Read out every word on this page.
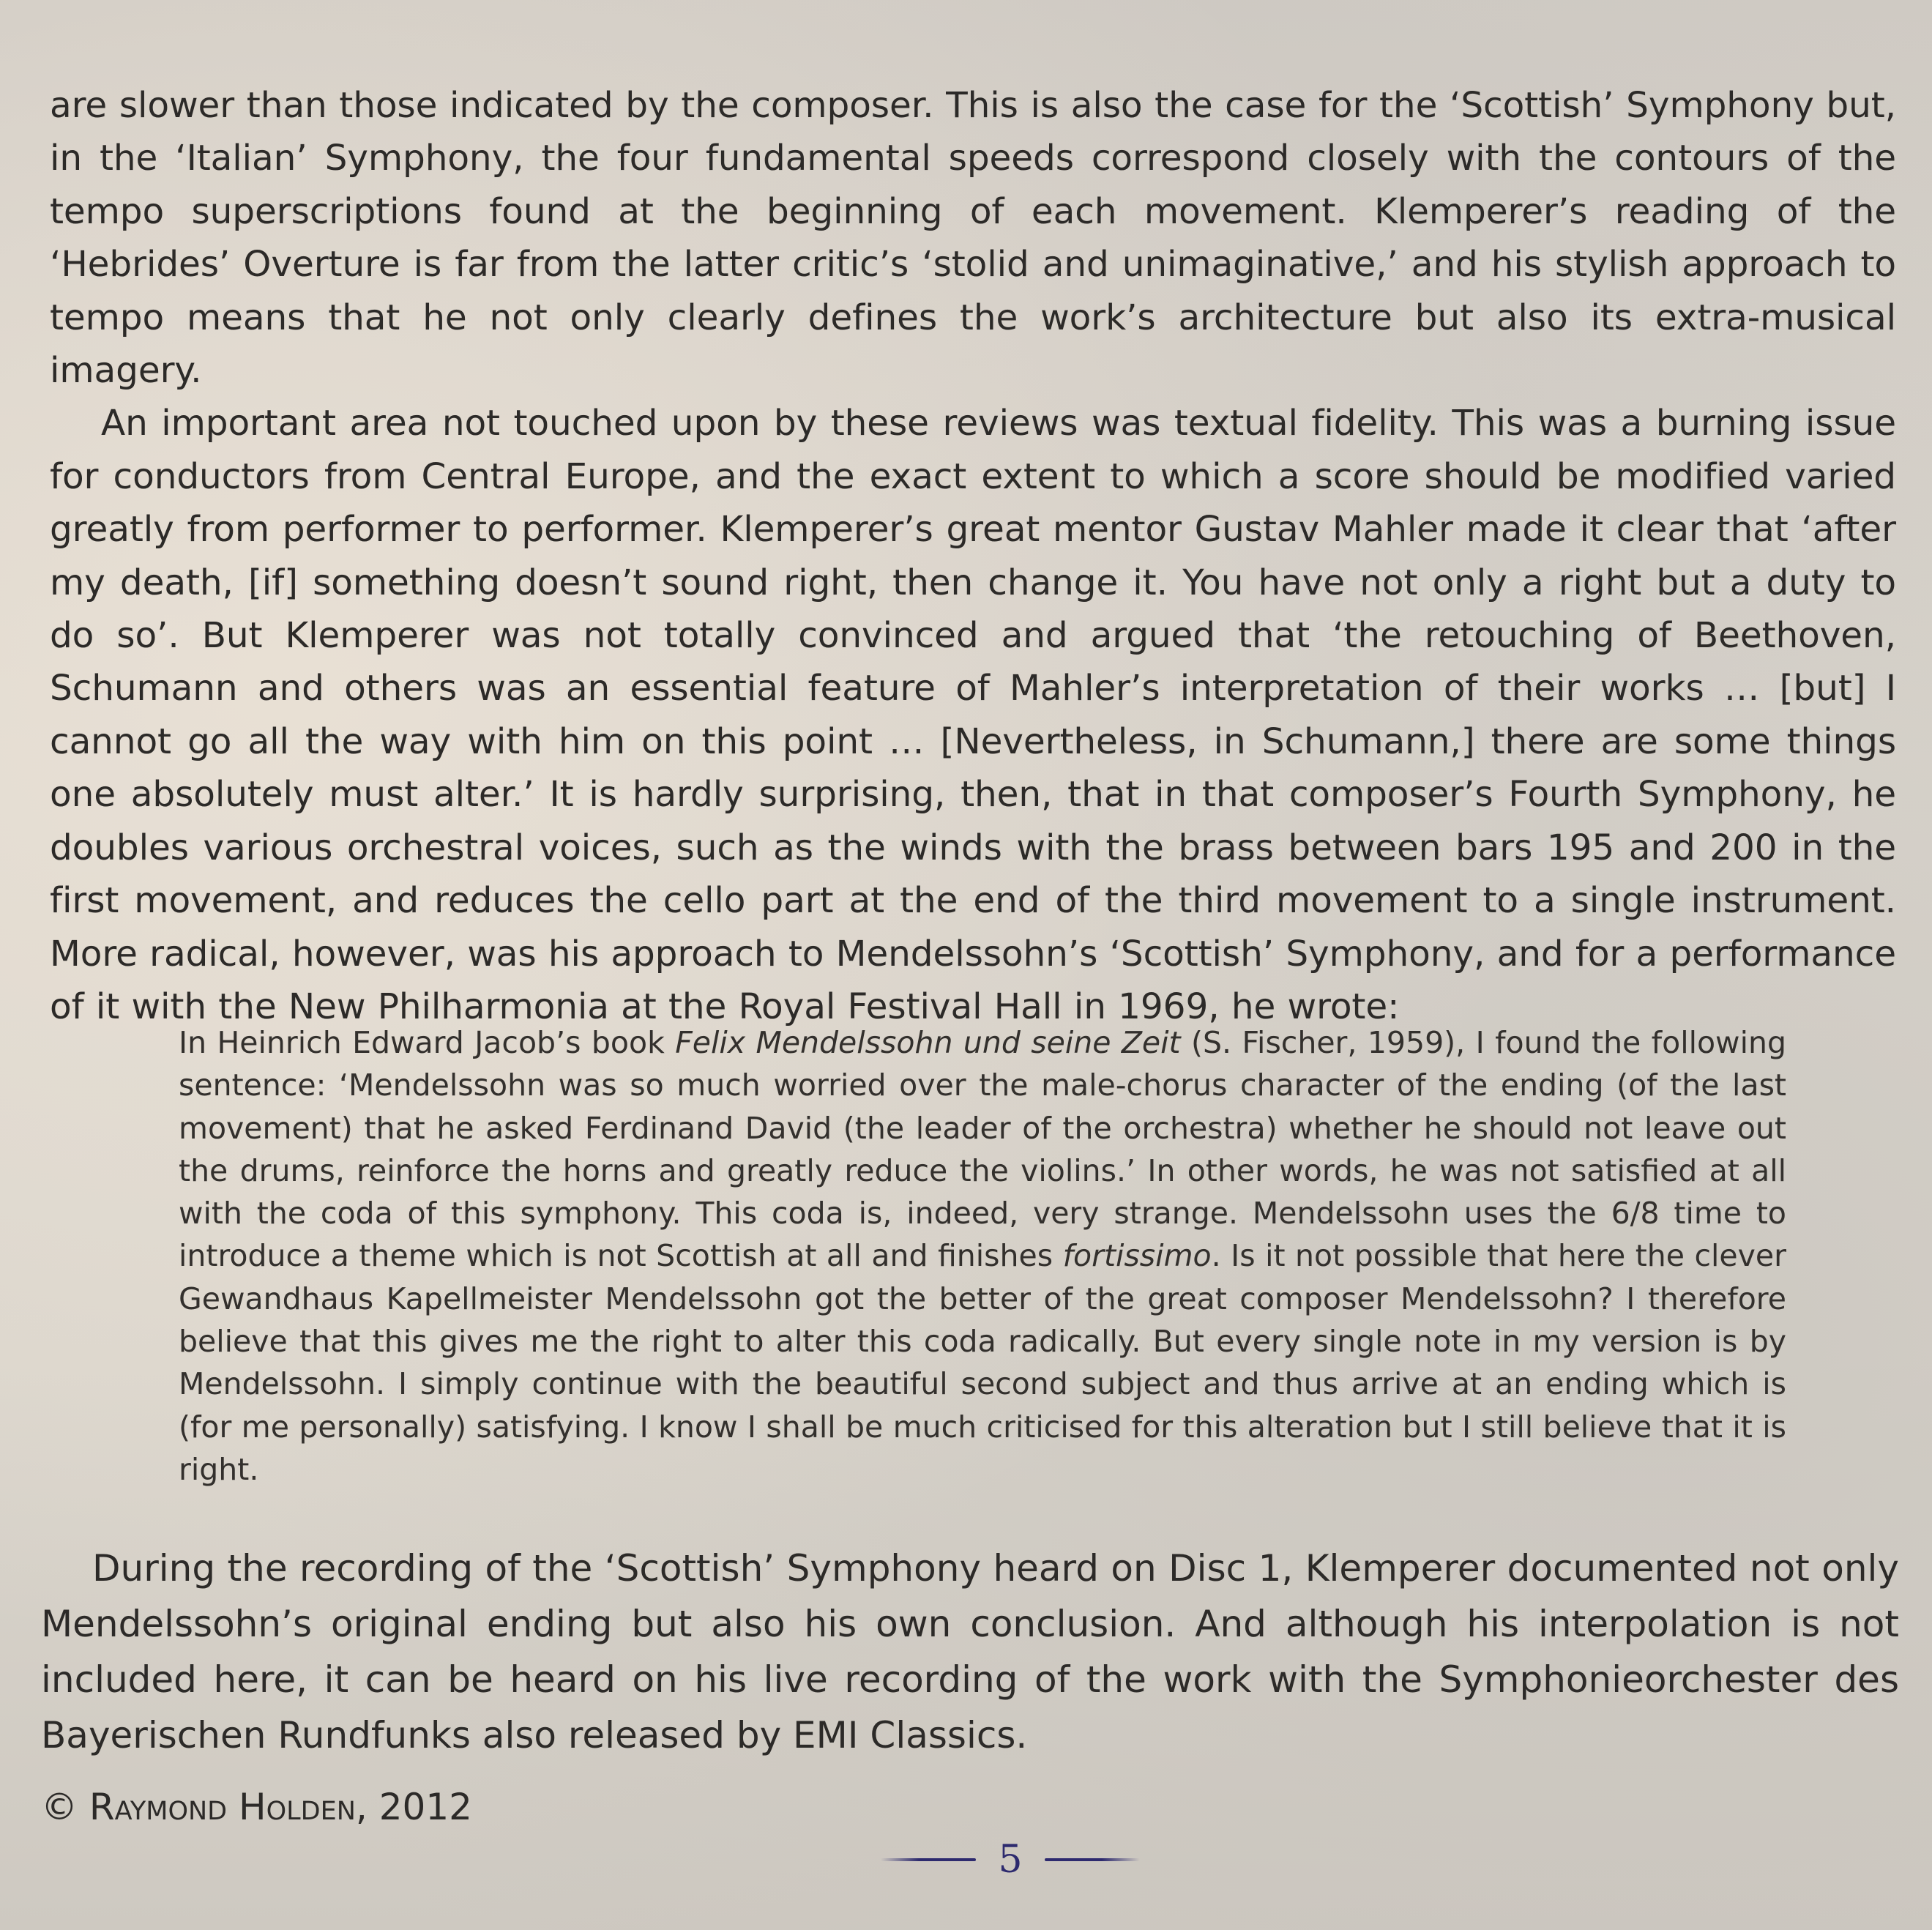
are slower than those indicated by the composer. This is also the case for the ‘Scottish’ Symphony but, in the ‘Italian’ Symphony, the four fundamental speeds correspond closely with the contours of the tempo superscriptions found at the beginning of each movement. Klemperer’s reading of the ‘Hebrides’ Overture is far from the latter critic’s ‘stolid and unimaginative,’ and his stylish approach to tempo means that he not only clearly defines the work’s architecture but also its extra-musical imagery.

An important area not touched upon by these reviews was textual fidelity. This was a burning issue for conductors from Central Europe, and the exact extent to which a score should be modified varied greatly from performer to performer. Klemperer’s great mentor Gustav Mahler made it clear that ‘after my death, [if] something doesn’t sound right, then change it. You have not only a right but a duty to do so’. But Klemperer was not totally convinced and argued that ‘the retouching of Beethoven, Schumann and others was an essential feature of Mahler’s interpretation of their works … [but] I cannot go all the way with him on this point … [Nevertheless, in Schumann,] there are some things one absolutely must alter.’ It is hardly surprising, then, that in that composer’s Fourth Symphony, he doubles various orchestral voices, such as the winds with the brass between bars 195 and 200 in the first movement, and reduces the cello part at the end of the third movement to a single instrument. More radical, however, was his approach to Mendelssohn’s ‘Scottish’ Symphony, and for a performance of it with the New Philharmonia at the Royal Festival Hall in 1969, he wrote:

In Heinrich Edward Jacob’s book Felix Mendelssohn und seine Zeit (S. Fischer, 1959), I found the following sentence: ‘Mendelssohn was so much worried over the male-chorus character of the ending (of the last movement) that he asked Ferdinand David (the leader of the orchestra) whether he should not leave out the drums, reinforce the horns and greatly reduce the violins.’ In other words, he was not satisfied at all with the coda of this symphony. This coda is, indeed, very strange. Mendelssohn uses the 6/8 time to introduce a theme which is not Scottish at all and finishes fortissimo. Is it not possible that here the clever Gewandhaus Kapellmeister Mendelssohn got the better of the great composer Mendelssohn? I therefore believe that this gives me the right to alter this coda radically. But every single note in my version is by Mendelssohn. I simply continue with the beautiful second subject and thus arrive at an ending which is (for me personally) satisfying. I know I shall be much criticised for this alteration but I still believe that it is right.

During the recording of the ‘Scottish’ Symphony heard on Disc 1, Klemperer documented not only Mendelssohn’s original ending but also his own conclusion. And although his interpolation is not included here, it can be heard on his live recording of the work with the Symphonieorchester des Bayerischen Rundfunks also released by EMI Classics.

© Raymond Holden, 2012

5
